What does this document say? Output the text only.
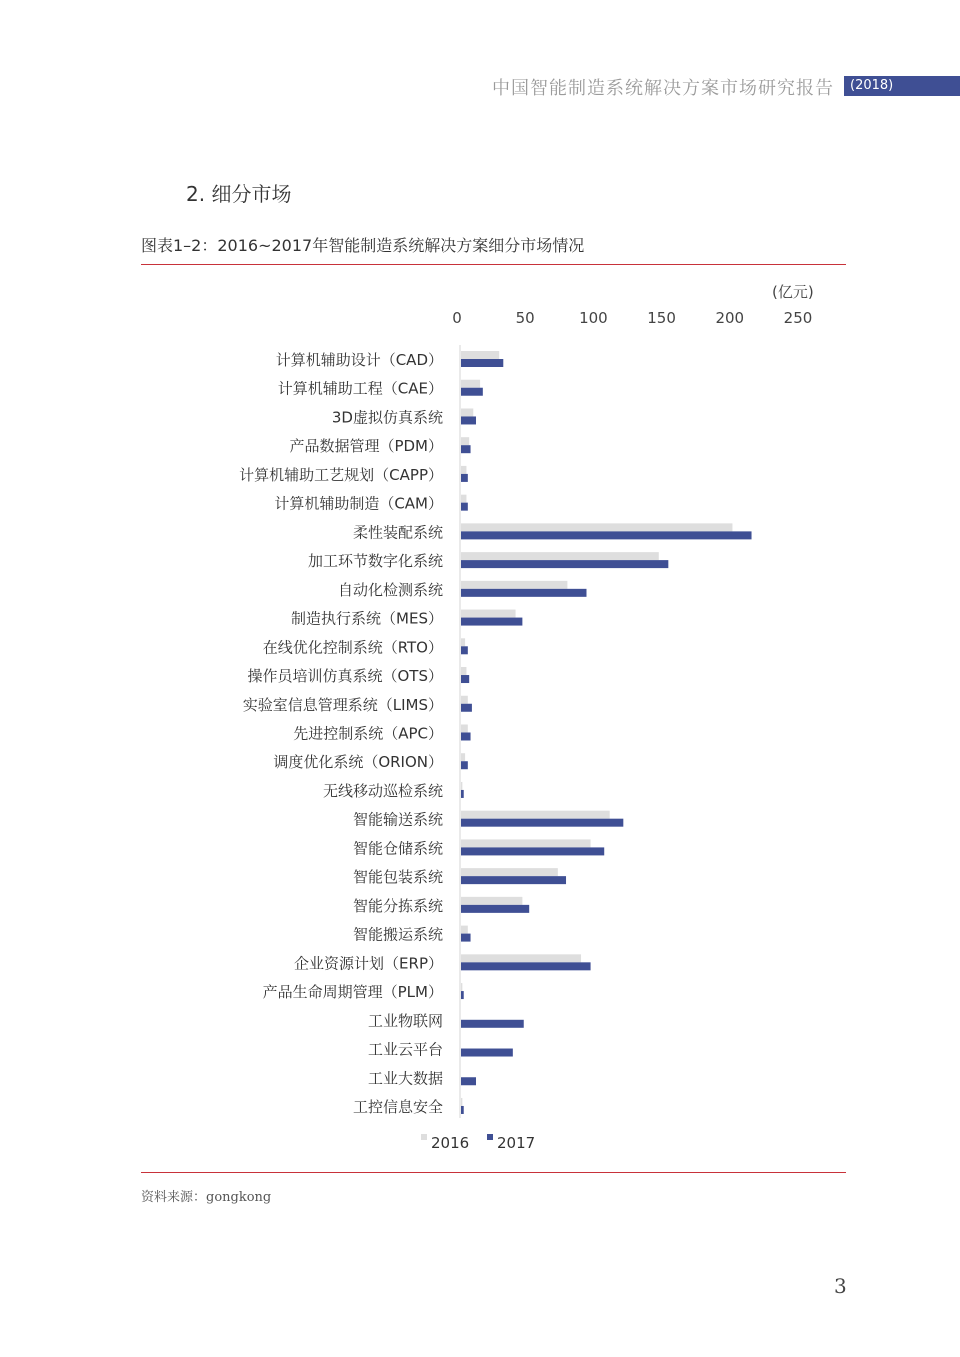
中国智能制造系统解决方案市场研究报告	(2018)
2. 细分市场
图表1–2：2016~2017年智能制造系统解决方案细分市场情况
(亿元)
0	50	100	150	200	250
计算机辅助设计（CAD）
计算机辅助工程（CAE）
3D虚拟仿真系统
产品数据管理（PDM）
计算机辅助工艺规划（CAPP）
计算机辅助制造（CAM）
柔性装配系统
加工环节数字化系统
自动化检测系统
制造执行系统（MES）
在线优化控制系统（RTO）
操作员培训仿真系统（OTS）
实验室信息管理系统（LIMS）
先进控制系统（APC）
调度优化系统（ORION）
无线移动巡检系统
智能输送系统
智能仓储系统
智能包装系统
智能分拣系统
智能搬运系统
企业资源计划（ERP）
产品生命周期管理（PLM）
工业物联网
工业云平台
工业大数据
工控信息安全
2016 2017
资料来源：gongkong
3
